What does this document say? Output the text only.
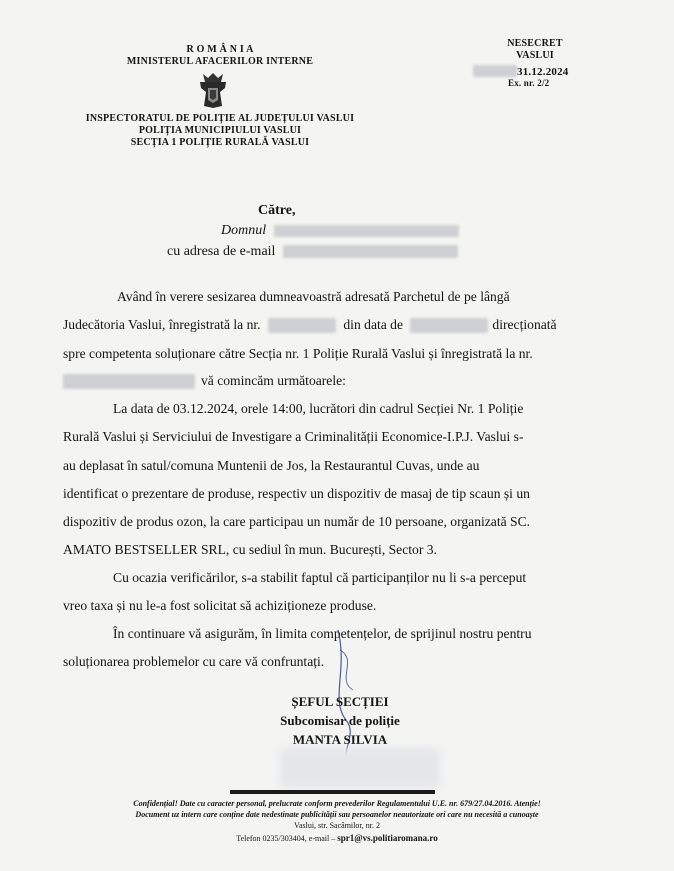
R O M Â N I A
MINISTERUL AFACERILOR INTERNE
INSPECTORATUL DE POLIȚIE AL JUDEȚULUI VASLUI
POLIȚIA MUNICIPIULUI VASLUI
SECȚIA 1 POLIȚIE RURALĂ VASLUI
NESECRET
VASLUI
31.12.2024
Ex. nr. 2/2
Către,
Domnul
cu adresa de e-mail
Având în verere sesizarea dumneavoastră adresată Parchetul de pe lângă
Judecătoria Vaslui, înregistrată la nr.	din data de	direcționată
spre competenta soluționare către Secția nr. 1 Poliție Rurală Vaslui și înregistrată la nr.
vă comincăm următoarele:
La data de 03.12.2024, orele 14:00, lucrători din cadrul Secției Nr. 1 Poliție
Rurală Vaslui și Serviciului de Investigare a Criminalității Economice-I.P.J. Vaslui s-
au deplasat în satul/comuna Muntenii de Jos, la Restaurantul Cuvas, unde au
identificat o prezentare de produse, respectiv un dispozitiv de masaj de tip scaun și un
dispozitiv de produs ozon, la care participau un număr de 10 persoane, organizată SC.
AMATO BESTSELLER SRL, cu sediul în mun. București, Sector 3.
Cu ocazia verificărilor, s-a stabilit faptul că participanților nu li s-a perceput
vreo taxa și nu le-a fost solicitat să achiziționeze produse.
În continuare vă asigurăm, în limita competențelor, de sprijinul nostru pentru
soluționarea problemelor cu care vă confruntați.
ȘEFUL SECȚIEI
Subcomisar de poliție
MANTA SILVIA
Confidențial! Date cu caracter personal, prelucrate conform prevederilor Regulamentului U.E. nr. 679/27.04.2016. Atenție!
Document uz intern care conține date nedestinate publicității sau persoanelor neautorizate ori care nu necesită a cunoaște
Vaslui, str. Sacâmilor, nr. 2
Telefon 0235/303404, e-mail – spr1@vs.politiaromana.ro
